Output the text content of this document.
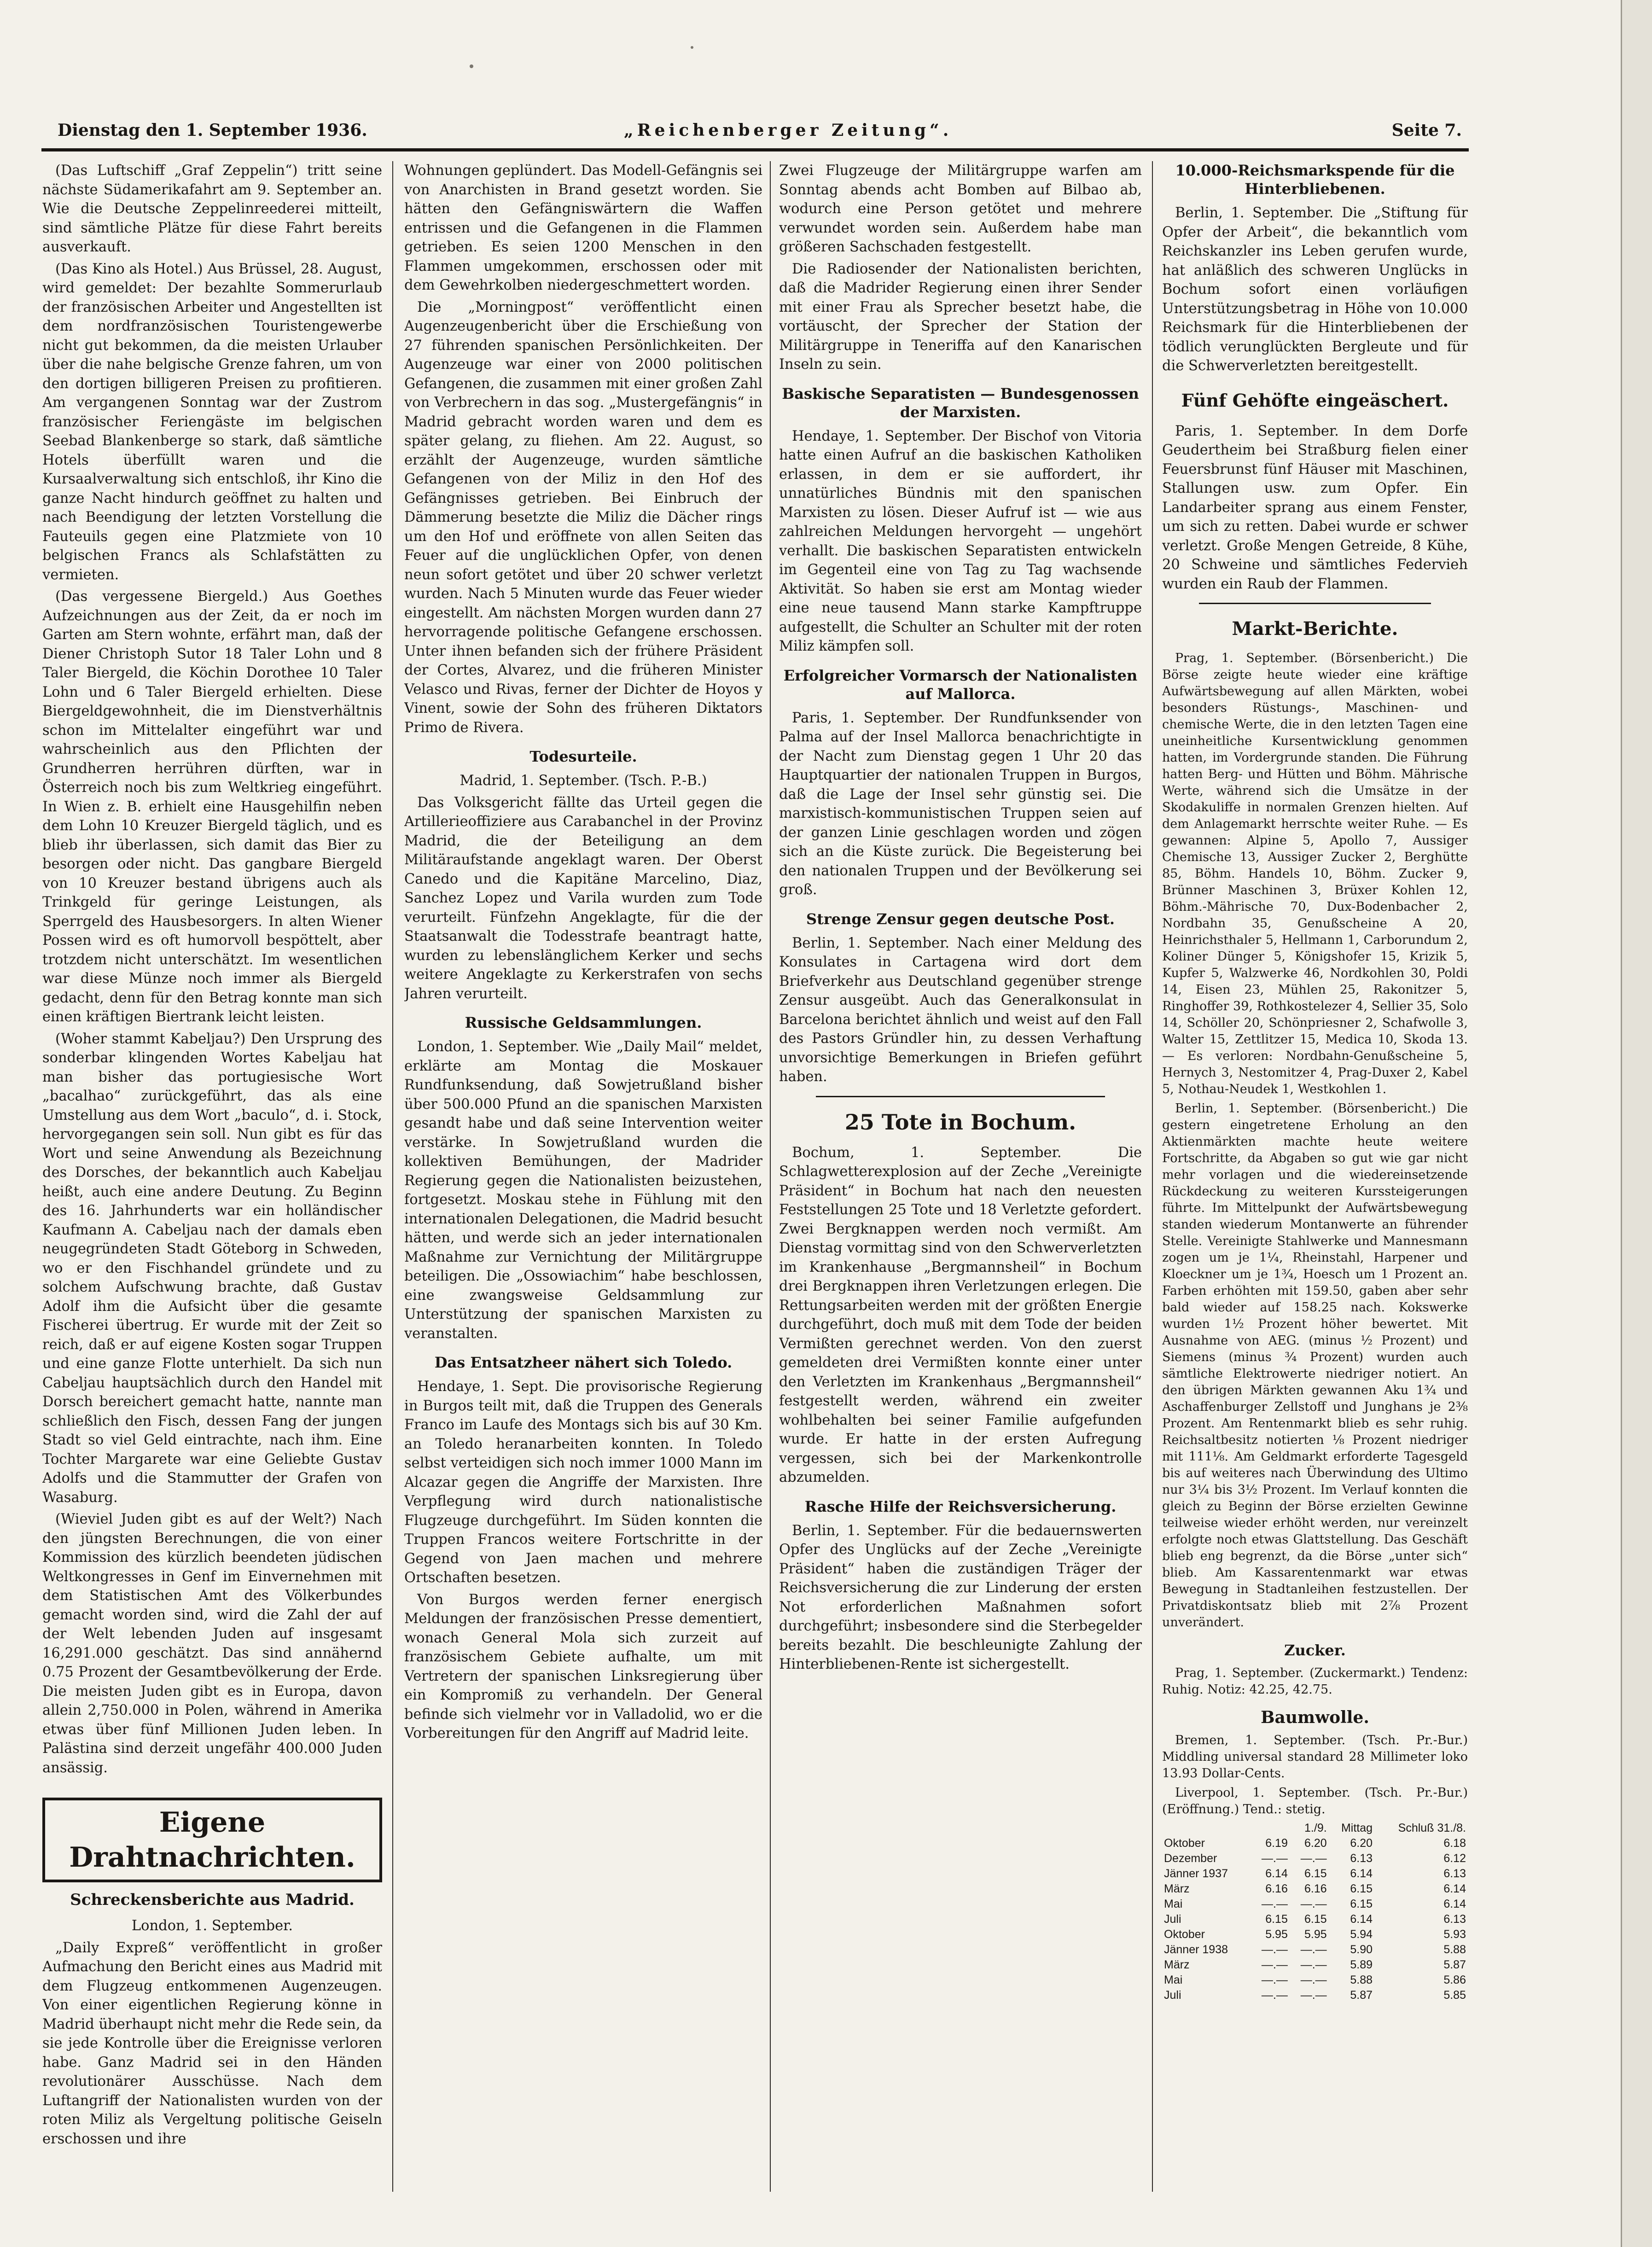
Dienstag den 1. September 1936.	„Reichenberger Zeitung“.	Seite 7.

(Das Luftschiff „Graf Zeppelin“) tritt seine nächste Südamerikafahrt am 9. September an. Wie die Deutsche Zeppelinreederei mitteilt, sind sämtliche Plätze für diese Fahrt bereits ausverkauft.

(Das Kino als Hotel.) Aus Brüssel, 28. August, wird gemeldet: Der bezahlte Sommerurlaub der französischen Arbeiter und Angestellten ist dem nordfranzösischen Touristengewerbe nicht gut bekommen, da die meisten Urlauber über die nahe belgische Grenze fahren, um von den dortigen billigeren Preisen zu profitieren. Am vergangenen Sonntag war der Zustrom französischer Feriengäste im belgischen Seebad Blankenberge so stark, daß sämtliche Hotels überfüllt waren und die Kursaalverwaltung sich entschloß, ihr Kino die ganze Nacht hindurch geöffnet zu halten und nach Beendigung der letzten Vorstellung die Fauteuils gegen eine Platzmiete von 10 belgischen Francs als Schlafstätten zu vermieten.

(Das vergessene Biergeld.) Aus Goethes Aufzeichnungen aus der Zeit, da er noch im Garten am Stern wohnte, erfährt man, daß der Diener Christoph Sutor 18 Taler Lohn und 8 Taler Biergeld, die Köchin Dorothee 10 Taler Lohn und 6 Taler Biergeld erhielten. Diese Biergeldgewohnheit, die im Dienstverhältnis schon im Mittelalter eingeführt war und wahrscheinlich aus den Pflichten der Grundherren herrühren dürften, war in Österreich noch bis zum Weltkrieg eingeführt. In Wien z. B. erhielt eine Hausgehilfin neben dem Lohn 10 Kreuzer Biergeld täglich, und es blieb ihr überlassen, sich damit das Bier zu besorgen oder nicht. Das gangbare Biergeld von 10 Kreuzer bestand übrigens auch als Trinkgeld für geringe Leistungen, als Sperrgeld des Hausbesorgers. In alten Wiener Possen wird es oft humorvoll bespöttelt, aber trotzdem nicht unterschätzt. Im wesentlichen war diese Münze noch immer als Biergeld gedacht, denn für den Betrag konnte man sich einen kräftigen Biertrank leicht leisten.

(Woher stammt Kabeljau?) Den Ursprung des sonderbar klingenden Wortes Kabeljau hat man bisher das portugiesische Wort „bacalhao“ zurückgeführt, das als eine Umstellung aus dem Wort „baculo“, d. i. Stock, hervorgegangen sein soll. Nun gibt es für das Wort und seine Anwendung als Bezeichnung des Dorsches, der bekanntlich auch Kabeljau heißt, auch eine andere Deutung. Zu Beginn des 16. Jahrhunderts war ein holländischer Kaufmann A. Cabeljau nach der damals eben neugegründeten Stadt Göteborg in Schweden, wo er den Fischhandel gründete und zu solchem Aufschwung brachte, daß Gustav Adolf ihm die Aufsicht über die gesamte Fischerei übertrug. Er wurde mit der Zeit so reich, daß er auf eigene Kosten sogar Truppen und eine ganze Flotte unterhielt. Da sich nun Cabeljau hauptsächlich durch den Handel mit Dorsch bereichert gemacht hatte, nannte man schließlich den Fisch, dessen Fang der jungen Stadt so viel Geld eintrachte, nach ihm. Eine Tochter Margarete war eine Geliebte Gustav Adolfs und die Stammutter der Grafen von Wasaburg.

(Wieviel Juden gibt es auf der Welt?) Nach den jüngsten Berechnungen, die von einer Kommission des kürzlich beendeten jüdischen Weltkongresses in Genf im Einvernehmen mit dem Statistischen Amt des Völkerbundes gemacht worden sind, wird die Zahl der auf der Welt lebenden Juden auf insgesamt 16,291.000 geschätzt. Das sind annähernd 0.75 Prozent der Gesamtbevölkerung der Erde. Die meisten Juden gibt es in Europa, davon allein 2,750.000 in Polen, während in Amerika etwas über fünf Millionen Juden leben. In Palästina sind derzeit ungefähr 400.000 Juden ansässig.

Eigene Drahtnachrichten.
Schreckensberichte aus Madrid.
London, 1. September.

„Daily Expreß“ veröffentlicht in großer Aufmachung den Bericht eines aus Madrid mit dem Flugzeug entkommenen Augenzeugen. Von einer eigentlichen Regierung könne in Madrid überhaupt nicht mehr die Rede sein, da sie jede Kontrolle über die Ereignisse verloren habe. Ganz Madrid sei in den Händen revolutionärer Ausschüsse. Nach dem Luftangriff der Nationalisten wurden von der roten Miliz als Vergeltung politische Geiseln erschossen und ihre

Wohnungen geplündert. Das Modell-Gefängnis sei von Anarchisten in Brand gesetzt worden. Sie hätten den Gefängniswärtern die Waffen entrissen und die Gefangenen in die Flammen getrieben. Es seien 1200 Menschen in den Flammen umgekommen, erschossen oder mit dem Gewehrkolben niedergeschmettert worden.

Die „Morningpost“ veröffentlicht einen Augenzeugenbericht über die Erschießung von 27 führenden spanischen Persönlichkeiten. Der Augenzeuge war einer von 2000 politischen Gefangenen, die zusammen mit einer großen Zahl von Verbrechern in das sog. „Mustergefängnis“ in Madrid gebracht worden waren und dem es später gelang, zu fliehen. Am 22. August, so erzählt der Augenzeuge, wurden sämtliche Gefangenen von der Miliz in den Hof des Gefängnisses getrieben. Bei Einbruch der Dämmerung besetzte die Miliz die Dächer rings um den Hof und eröffnete von allen Seiten das Feuer auf die unglücklichen Opfer, von denen neun sofort getötet und über 20 schwer verletzt wurden. Nach 5 Minuten wurde das Feuer wieder eingestellt. Am nächsten Morgen wurden dann 27 hervorragende politische Gefangene erschossen. Unter ihnen befanden sich der frühere Präsident der Cortes, Alvarez, und die früheren Minister Velasco und Rivas, ferner der Dichter de Hoyos y Vinent, sowie der Sohn des früheren Diktators Primo de Rivera.

Todesurteile.
Madrid, 1. September. (Tsch. P.-B.)

Das Volksgericht fällte das Urteil gegen die Artillerieoffiziere aus Carabanchel in der Provinz Madrid, die der Beteiligung an dem Militäraufstande angeklagt waren. Der Oberst Canedo und die Kapitäne Marcelino, Diaz, Sanchez Lopez und Varila wurden zum Tode verurteilt. Fünfzehn Angeklagte, für die der Staatsanwalt die Todesstrafe beantragt hatte, wurden zu lebenslänglichem Kerker und sechs weitere Angeklagte zu Kerkerstrafen von sechs Jahren verurteilt.

Russische Geldsammlungen.

London, 1. September. Wie „Daily Mail“ meldet, erklärte am Montag die Moskauer Rundfunksendung, daß Sowjetrußland bisher über 500.000 Pfund an die spanischen Marxisten gesandt habe und daß seine Intervention weiter verstärke. In Sowjetrußland wurden die kollektiven Bemühungen, der Madrider Regierung gegen die Nationalisten beizustehen, fortgesetzt. Moskau stehe in Fühlung mit den internationalen Delegationen, die Madrid besucht hätten, und werde sich an jeder internationalen Maßnahme zur Vernichtung der Militärgruppe beteiligen. Die „Ossowiachim“ habe beschlossen, eine zwangsweise Geldsammlung zur Unterstützung der spanischen Marxisten zu veranstalten.

Das Entsatzheer nähert sich Toledo.

Hendaye, 1. Sept. Die provisorische Regierung in Burgos teilt mit, daß die Truppen des Generals Franco im Laufe des Montags sich bis auf 30 Km. an Toledo heranarbeiten konnten. In Toledo selbst verteidigen sich noch immer 1000 Mann im Alcazar gegen die Angriffe der Marxisten. Ihre Verpflegung wird durch nationalistische Flugzeuge durchgeführt. Im Süden konnten die Truppen Francos weitere Fortschritte in der Gegend von Jaen machen und mehrere Ortschaften besetzen.

Von Burgos werden ferner energisch Meldungen der französischen Presse dementiert, wonach General Mola sich zurzeit auf französischem Gebiete aufhalte, um mit Vertretern der spanischen Linksregierung über ein Kompromiß zu verhandeln. Der General befinde sich vielmehr vor in Valladolid, wo er die Vorbereitungen für den Angriff auf Madrid leite.

Zwei Flugzeuge der Militärgruppe warfen am Sonntag abends acht Bomben auf Bilbao ab, wodurch eine Person getötet und mehrere verwundet worden sein. Außerdem habe man größeren Sachschaden festgestellt.

Die Radiosender der Nationalisten berichten, daß die Madrider Regierung einen ihrer Sender mit einer Frau als Sprecher besetzt habe, die vortäuscht, der Sprecher der Station der Militärgruppe in Teneriffa auf den Kanarischen Inseln zu sein.

Baskische Separatisten — Bundesgenossen der Marxisten.

Hendaye, 1. September. Der Bischof von Vitoria hatte einen Aufruf an die baskischen Katholiken erlassen, in dem er sie auffordert, ihr unnatürliches Bündnis mit den spanischen Marxisten zu lösen. Dieser Aufruf ist — wie aus zahlreichen Meldungen hervorgeht — ungehört verhallt. Die baskischen Separatisten entwickeln im Gegenteil eine von Tag zu Tag wachsende Aktivität. So haben sie erst am Montag wieder eine neue tausend Mann starke Kampftruppe aufgestellt, die Schulter an Schulter mit der roten Miliz kämpfen soll.

Erfolgreicher Vormarsch der Nationalisten auf Mallorca.

Paris, 1. September. Der Rundfunksender von Palma auf der Insel Mallorca benachrichtigte in der Nacht zum Dienstag gegen 1 Uhr 20 das Hauptquartier der nationalen Truppen in Burgos, daß die Lage der Insel sehr günstig sei. Die marxistisch-kommunistischen Truppen seien auf der ganzen Linie geschlagen worden und zögen sich an die Küste zurück. Die Begeisterung bei den nationalen Truppen und der Bevölkerung sei groß.

Strenge Zensur gegen deutsche Post.

Berlin, 1. September. Nach einer Meldung des Konsulates in Cartagena wird dort dem Briefverkehr aus Deutschland gegenüber strenge Zensur ausgeübt. Auch das Generalkonsulat in Barcelona berichtet ähnlich und weist auf den Fall des Pastors Gründler hin, zu dessen Verhaftung unvorsichtige Bemerkungen in Briefen geführt haben.

25 Tote in Bochum.

Bochum, 1. September. Die Schlagwetterexplosion auf der Zeche „Vereinigte Präsident“ in Bochum hat nach den neuesten Feststellungen 25 Tote und 18 Verletzte gefordert. Zwei Bergknappen werden noch vermißt. Am Dienstag vormittag sind von den Schwerverletzten im Krankenhause „Bergmannsheil“ in Bochum drei Bergknappen ihren Verletzungen erlegen. Die Rettungsarbeiten werden mit der größten Energie durchgeführt, doch muß mit dem Tode der beiden Vermißten gerechnet werden. Von den zuerst gemeldeten drei Vermißten konnte einer unter den Verletzten im Krankenhaus „Bergmannsheil“ festgestellt werden, während ein zweiter wohlbehalten bei seiner Familie aufgefunden wurde. Er hatte in der ersten Aufregung vergessen, sich bei der Markenkontrolle abzumelden.

Rasche Hilfe der Reichsversicherung.

Berlin, 1. September. Für die bedauernswerten Opfer des Unglücks auf der Zeche „Vereinigte Präsident“ haben die zuständigen Träger der Reichsversicherung die zur Linderung der ersten Not erforderlichen Maßnahmen sofort durchgeführt; insbesondere sind die Sterbegelder bereits bezahlt. Die beschleunigte Zahlung der Hinterbliebenen-Rente ist sichergestellt.

10.000-Reichsmarkspende für die Hinterbliebenen.

Berlin, 1. September. Die „Stiftung für Opfer der Arbeit“, die bekanntlich vom Reichskanzler ins Leben gerufen wurde, hat anläßlich des schweren Unglücks in Bochum sofort einen vorläufigen Unterstützungsbetrag in Höhe von 10.000 Reichsmark für die Hinterbliebenen der tödlich verunglückten Bergleute und für die Schwerverletzten bereitgestellt.

Fünf Gehöfte eingeäschert.

Paris, 1. September. In dem Dorfe Geudertheim bei Straßburg fielen einer Feuersbrunst fünf Häuser mit Maschinen, Stallungen usw. zum Opfer. Ein Landarbeiter sprang aus einem Fenster, um sich zu retten. Dabei wurde er schwer verletzt. Große Mengen Getreide, 8 Kühe, 20 Schweine und sämtliches Federvieh wurden ein Raub der Flammen.

Markt-Berichte.

Prag, 1. September. (Börsenbericht.) Die Börse zeigte heute wieder eine kräftige Aufwärtsbewegung auf allen Märkten, wobei besonders Rüstungs-, Maschinen- und chemische Werte, die in den letzten Tagen eine uneinheitliche Kursentwicklung genommen hatten, im Vordergrunde standen. Die Führung hatten Berg- und Hütten und Böhm. Mährische Werte, während sich die Umsätze in der Skodakuliffe in normalen Grenzen hielten. Auf dem Anlagemarkt herrschte weiter Ruhe. — Es gewannen: Alpine 5, Apollo 7, Aussiger Chemische 13, Aussiger Zucker 2, Berghütte 85, Böhm. Handels 10, Böhm. Zucker 9, Brünner Maschinen 3, Brüxer Kohlen 12, Böhm.-Mährische 70, Dux-Bodenbacher 2, Nordbahn 35, Genußscheine A 20, Heinrichsthaler 5, Hellmann 1, Carborundum 2, Koliner Dünger 5, Königshofer 15, Krizik 5, Kupfer 5, Walzwerke 46, Nordkohlen 30, Poldi 14, Eisen 23, Mühlen 25, Rakonitzer 5, Ringhoffer 39, Rothkostelezer 4, Sellier 35, Solo 14, Schöller 20, Schönpriesner 2, Schafwolle 3, Walter 15, Zettlitzer 15, Medica 10, Skoda 13. — Es verloren: Nordbahn-Genußscheine 5, Hernych 3, Nestomitzer 4, Prag-Duxer 2, Kabel 5, Nothau-Neudek 1, Westkohlen 1.

Berlin, 1. September. (Börsenbericht.) Die gestern eingetretene Erholung an den Aktienmärkten machte heute weitere Fortschritte, da Abgaben so gut wie gar nicht mehr vorlagen und die wiedereinsetzende Rückdeckung zu weiteren Kurssteigerungen führte. Im Mittelpunkt der Aufwärtsbewegung standen wiederum Montanwerte an führender Stelle. Vereinigte Stahlwerke und Mannesmann zogen um je 1¼, Rheinstahl, Harpener und Kloeckner um je 1¾, Hoesch um 1 Prozent an. Farben erhöhten mit 159.50, gaben aber sehr bald wieder auf 158.25 nach. Kokswerke wurden 1½ Prozent höher bewertet. Mit Ausnahme von AEG. (minus ½ Prozent) und Siemens (minus ¾ Prozent) wurden auch sämtliche Elektrowerte niedriger notiert. An den übrigen Märkten gewannen Aku 1¾ und Aschaffenburger Zellstoff und Junghans je 2⅜ Prozent. Am Rentenmarkt blieb es sehr ruhig. Reichsaltbesitz notierten ⅛ Prozent niedriger mit 111⅛. Am Geldmarkt erforderte Tagesgeld bis auf weiteres nach Überwindung des Ultimo nur 3¼ bis 3½ Prozent. Im Verlauf konnten die gleich zu Beginn der Börse erzielten Gewinne teilweise wieder erhöht werden, nur vereinzelt erfolgte noch etwas Glattstellung. Das Geschäft blieb eng begrenzt, da die Börse „unter sich“ blieb. Am Kassarentenmarkt war etwas Bewegung in Stadtanleihen festzustellen. Der Privatdiskontsatz blieb mit 2⅞ Prozent unverändert.

Zucker.

Prag, 1. September. (Zuckermarkt.) Tendenz: Ruhig. Notiz: 42.25, 42.75.

Baumwolle.

Bremen, 1. September. (Tsch. Pr.-Bur.) Middling universal standard 28 Millimeter loko 13.93 Dollar-Cents.

Liverpool, 1. September. (Tsch. Pr.-Bur.) (Eröffnung.) Tend.: stetig.

	1./9.		Mittag	Schluß 31./8.
Oktober	6.19	6.20	6.20	6.18
Dezember	—.—	—.—	6.13	6.12
Jänner 1937	6.14	6.15	6.14	6.13
März	6.16	6.16	6.15	6.14
Mai	—.—	—.—	6.15	6.14
Juli	6.15	6.15	6.14	6.13
Oktober	5.95	5.95	5.94	5.93
Jänner 1938	—.—	—.—	5.90	5.88
März	—.—	—.—	5.89	5.87
Mai	—.—	—.—	5.88	5.86
Juli	—.—	—.—	5.87	5.85
